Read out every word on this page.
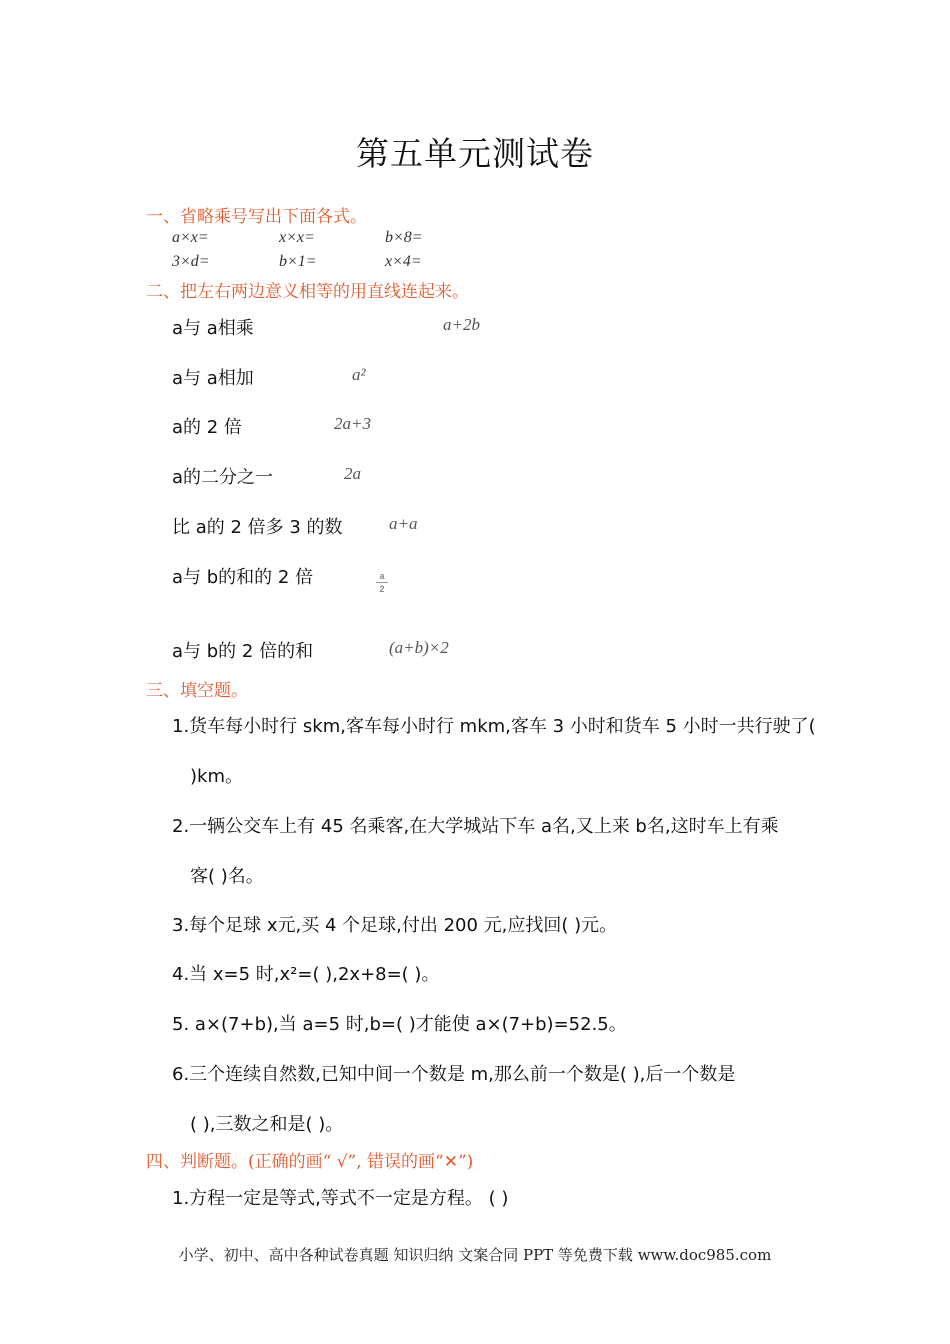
第五单元测试卷
一、省略乘号写出下面各式。
a×x=	x×x=	b×8=
3×d=	b×1=	x×4=
二、把左右两边意义相等的用直线连起来。
a与 a相乘
a与 a相加
a的 2 倍
a的二分之一
比 a的 2 倍多 3 的数
a与 b的和的 2 倍
a与 b的 2 倍的和
a+2b
a²
2a+3
2a
a+a
a
2
(a+b)×2
三、填空题。
1.货车每小时行 skm,客车每小时行 mkm,客车 3 小时和货车 5 小时一共行驶了(
)km。
2.一辆公交车上有 45 名乘客,在大学城站下车 a名,又上来 b名,这时车上有乘
客( )名。
3.每个足球 x元,买 4 个足球,付出 200 元,应找回( )元。
4.当 x=5 时,x²=( ),2x+8=( )。
5. a×(7+b),当 a=5 时,b=( )才能使 a×(7+b)=52.5。
6.三个连续自然数,已知中间一个数是 m,那么前一个数是( ),后一个数是
( ),三数之和是( )。
四、判断题。(正确的画“ √”, 错误的画“✕”)
1.方程一定是等式,等式不一定是方程。 ( )
小学、初中、高中各种试卷真题 知识归纳 文案合同 PPT 等免费下载 www.doc985.com
